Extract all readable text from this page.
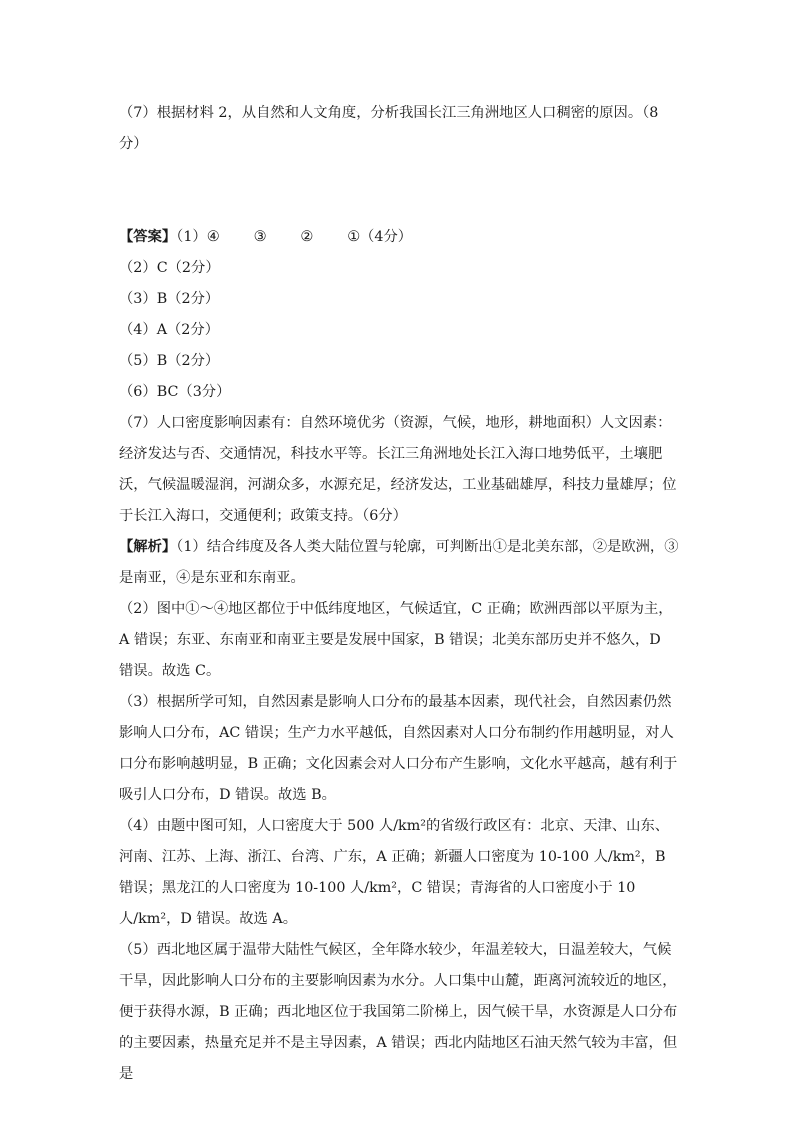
（7）根据材料 2，从自然和人文角度，分析我国长江三角洲地区人口稠密的原因。（8分）

【答案】（1）④ ③ ② ①（4分）

（2）C（2分）

（3）B（2分）

（4）A（2分）

（5）B（2分）

（6）BC（3分）

（7）人口密度影响因素有：自然环境优劣（资源，气候，地形，耕地面积）人文因素：经济发达与否、交通情况，科技水平等。长江三角洲地处长江入海口地势低平，土壤肥沃，气候温暖湿润，河湖众多，水源充足，经济发达，工业基础雄厚，科技力量雄厚；位于长江入海口，交通便利；政策支持。（6分）

【解析】（1）结合纬度及各人类大陆位置与轮廓，可判断出①是北美东部，②是欧洲，③是南亚，④是东亚和东南亚。

（2）图中①～④地区都位于中低纬度地区，气候适宜，C 正确；欧洲西部以平原为主，A 错误；东亚、东南亚和南亚主要是发展中国家，B 错误；北美东部历史并不悠久，D 错误。故选 C。

（3）根据所学可知，自然因素是影响人口分布的最基本因素，现代社会，自然因素仍然影响人口分布，AC 错误；生产力水平越低，自然因素对人口分布制约作用越明显，对人口分布影响越明显，B 正确；文化因素会对人口分布产生影响，文化水平越高，越有利于吸引人口分布，D 错误。故选 B。

（4）由题中图可知，人口密度大于 500 人/km²的省级行政区有：北京、天津、山东、河南、江苏、上海、浙江、台湾、广东，A 正确；新疆人口密度为 10-100 人/km²，B 错误；黑龙江的人口密度为 10-100 人/km²，C 错误；青海省的人口密度小于 10 人/km²，D 错误。故选 A。

（5）西北地区属于温带大陆性气候区，全年降水较少，年温差较大，日温差较大，气候干旱，因此影响人口分布的主要影响因素为水分。人口集中山麓，距离河流较近的地区，便于获得水源，B 正确；西北地区位于我国第二阶梯上，因气候干旱，水资源是人口分布的主要因素，热量充足并不是主导因素，A 错误；西北内陆地区石油天然气较为丰富，但是
